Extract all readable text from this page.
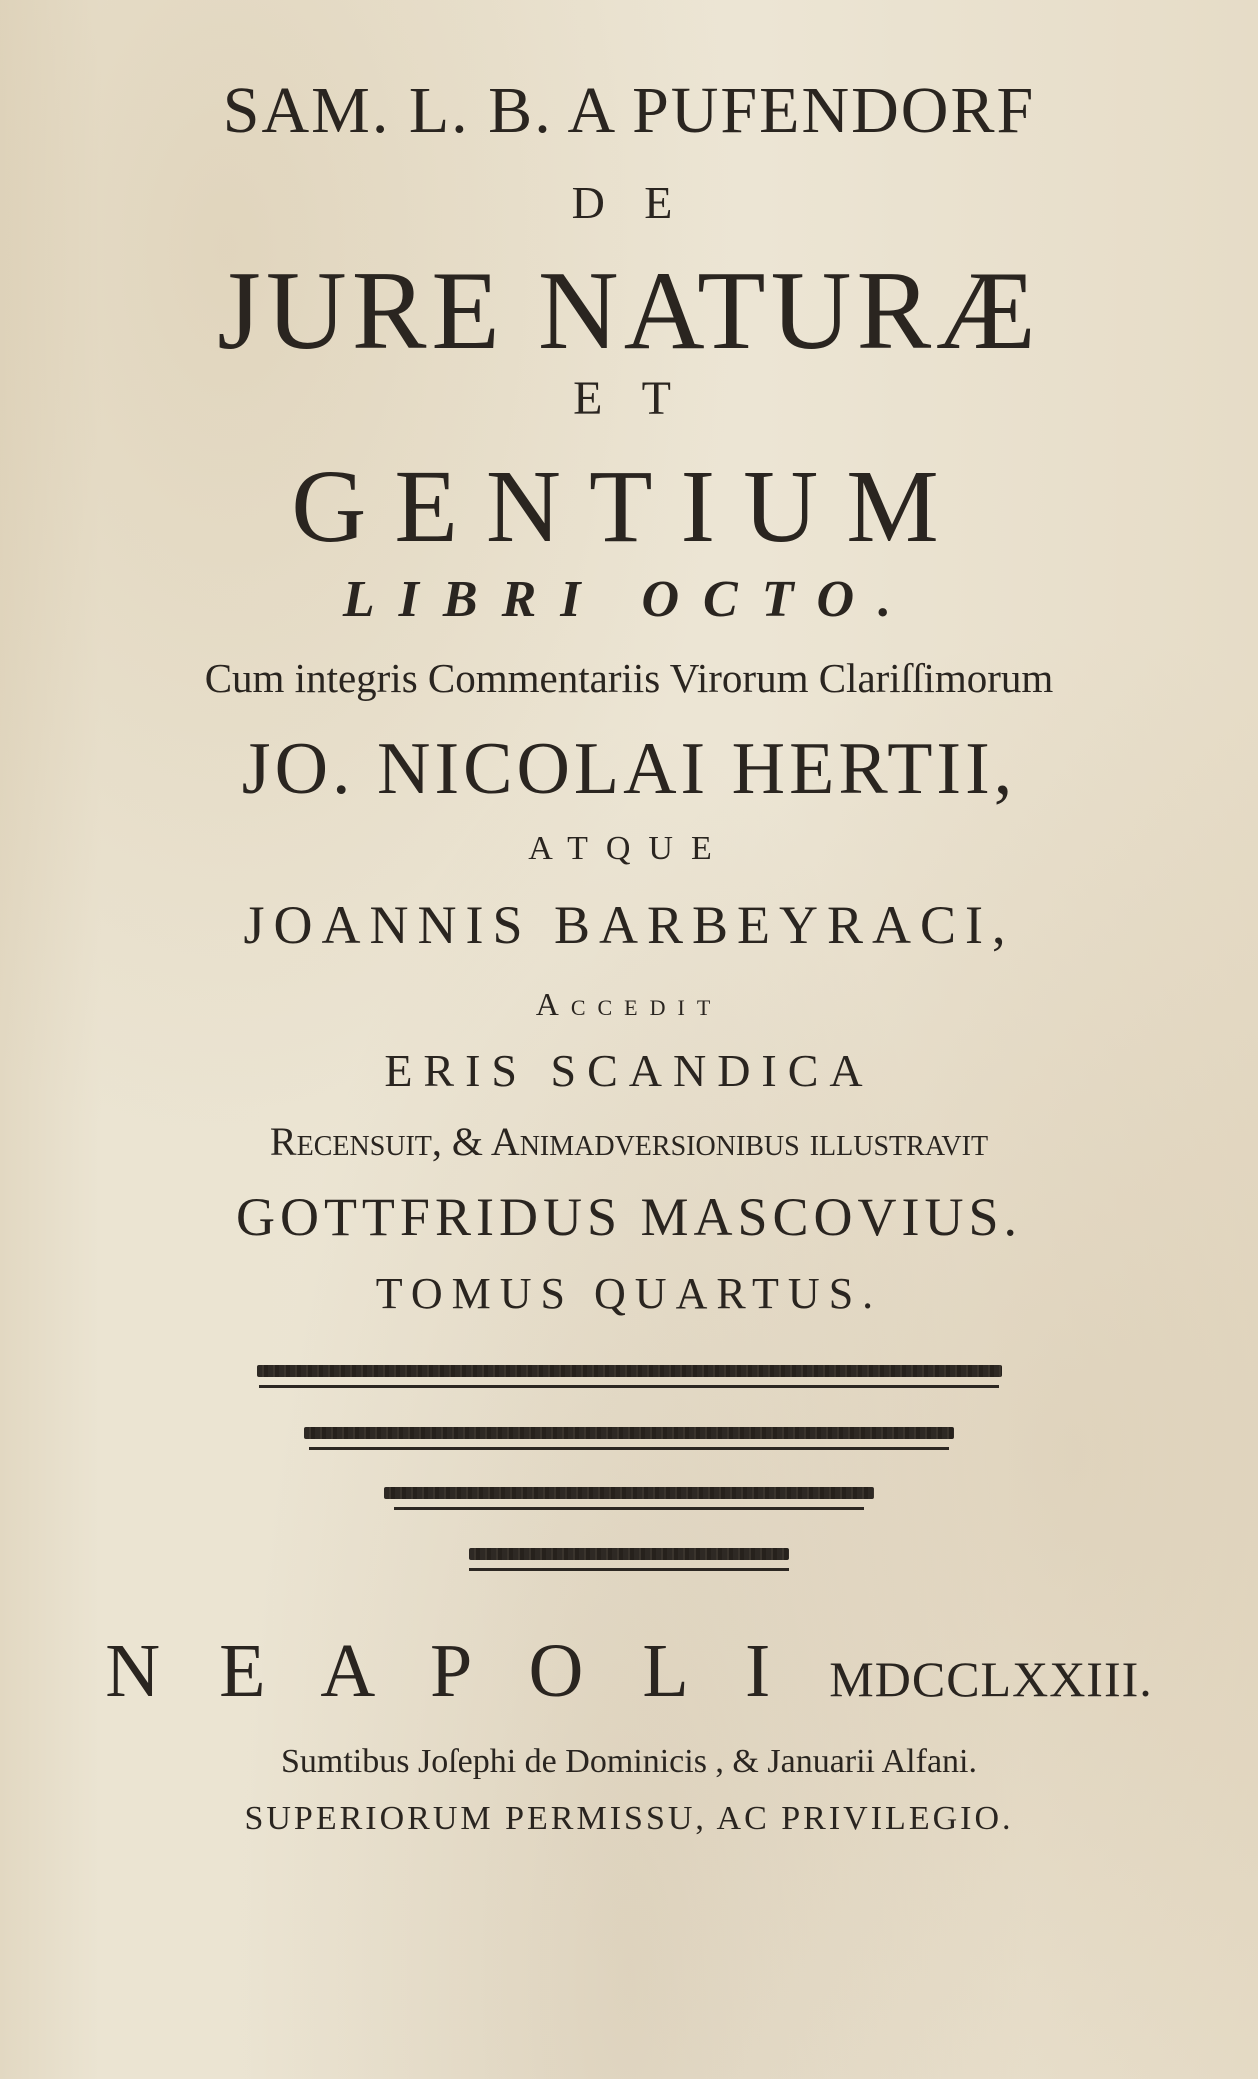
SAM. L. B. A PUFENDORF
D E
JURE NATURÆ
E T
GENTIUM
LIBRI OCTO.
Cum integris Commentariis Virorum Clariſſimorum
JO. NICOLAI HERTII,
ATQUE
JOANNIS BARBEYRACI,
Accedit
ERIS SCANDICA
Recenſuit, & Animadverſionibus illuſtravit
GOTTFRIDUS MASCOVIUS.
TOMUS QUARTUS.
N E A P O L I MDCCLXXIII.
Sumtibus Joſephi de Dominicis , & Januarii Alfani.
SUPERIORUM PERMISSU, AC PRIVILEGIO.
